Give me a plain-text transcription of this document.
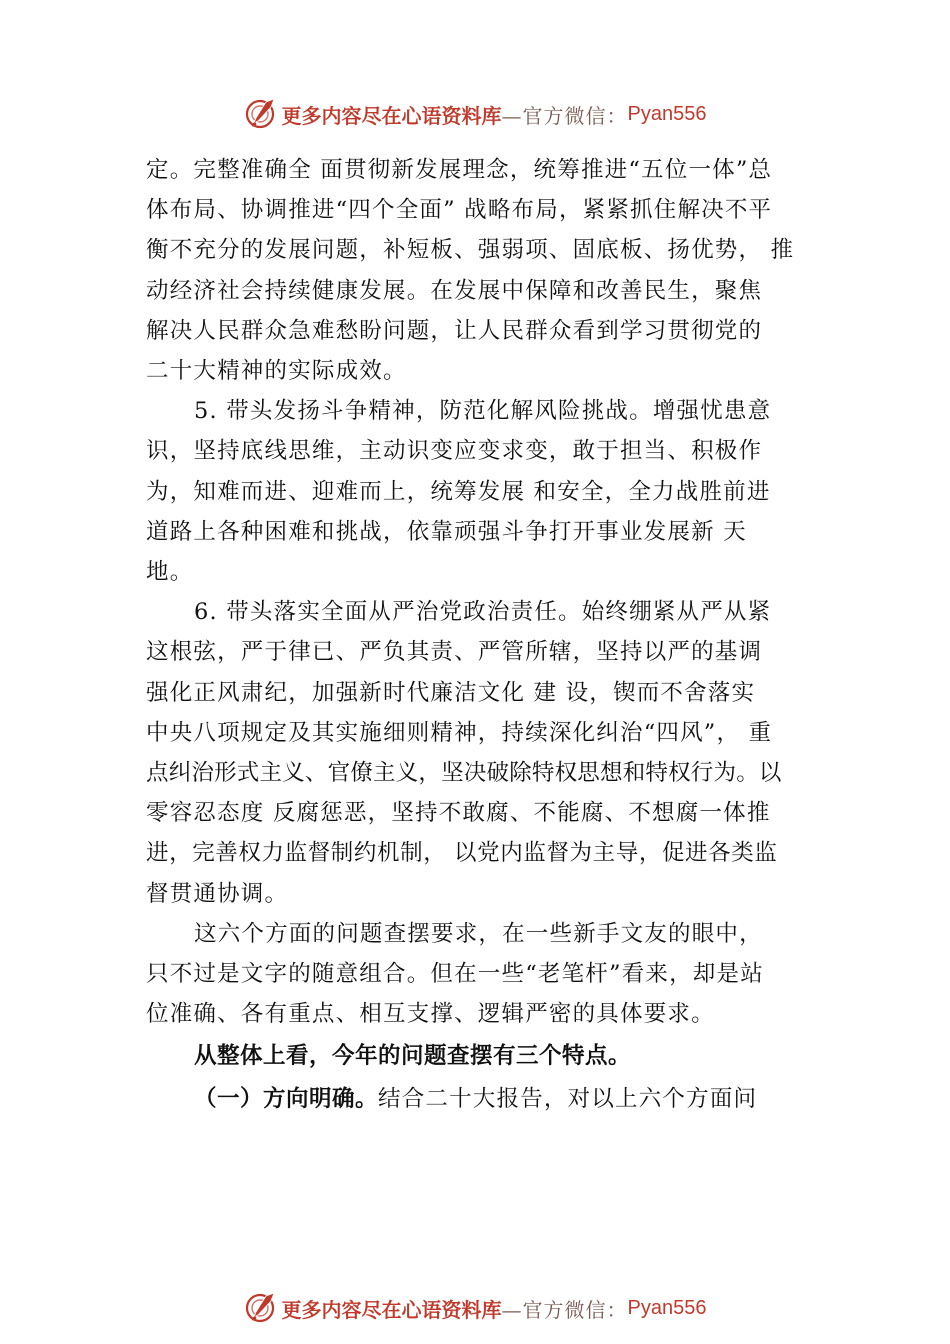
更多内容尽在心语资料库 —官方微信： Pyan556

定。完整准确全 面贯彻新发展理念，统筹推进“五位一体”总
体布局、协调推进“四个全面” 战略布局，紧紧抓住解决不平
衡不充分的发展问题，补短板、强弱项、固底板、扬优势， 推
动经济社会持续健康发展。在发展中保障和改善民生，聚焦
解决人民群众急难愁盼问题，让人民群众看到学习贯彻党的
二十大精神的实际成效。

5. 带头发扬斗争精神，防范化解风险挑战。增强忧患意
识，坚持底线思维，主动识变应变求变，敢于担当、积极作
为，知难而进、迎难而上，统筹发展 和安全，全力战胜前进
道路上各种困难和挑战，依靠顽强斗争打开事业发展新 天
地。

6. 带头落实全面从严治党政治责任。始终绷紧从严从紧
这根弦，严于律已、严负其责、严管所辖，坚持以严的基调
强化正风肃纪，加强新时代廉洁文化 建 设，锲而不舍落实
中央八项规定及其实施细则精神，持续深化纠治“四风”， 重
点纠治形式主义、官僚主义，坚决破除特权思想和特权行为。以
零容忍态度 反腐惩恶，坚持不敢腐、不能腐、不想腐一体推
进，完善权力监督制约机制， 以党内监督为主导，促进各类监
督贯通协调。

这六个方面的问题查摆要求，在一些新手文友的眼中，
只不过是文字的随意组合。但在一些“老笔杆”看来，却是站
位准确、各有重点、相互支撑、逻辑严密的具体要求。

从整体上看，今年的问题查摆有三个特点。

（一）方向明确。结合二十大报告，对以上六个方面问

更多内容尽在心语资料库 —官方微信： Pyan556
